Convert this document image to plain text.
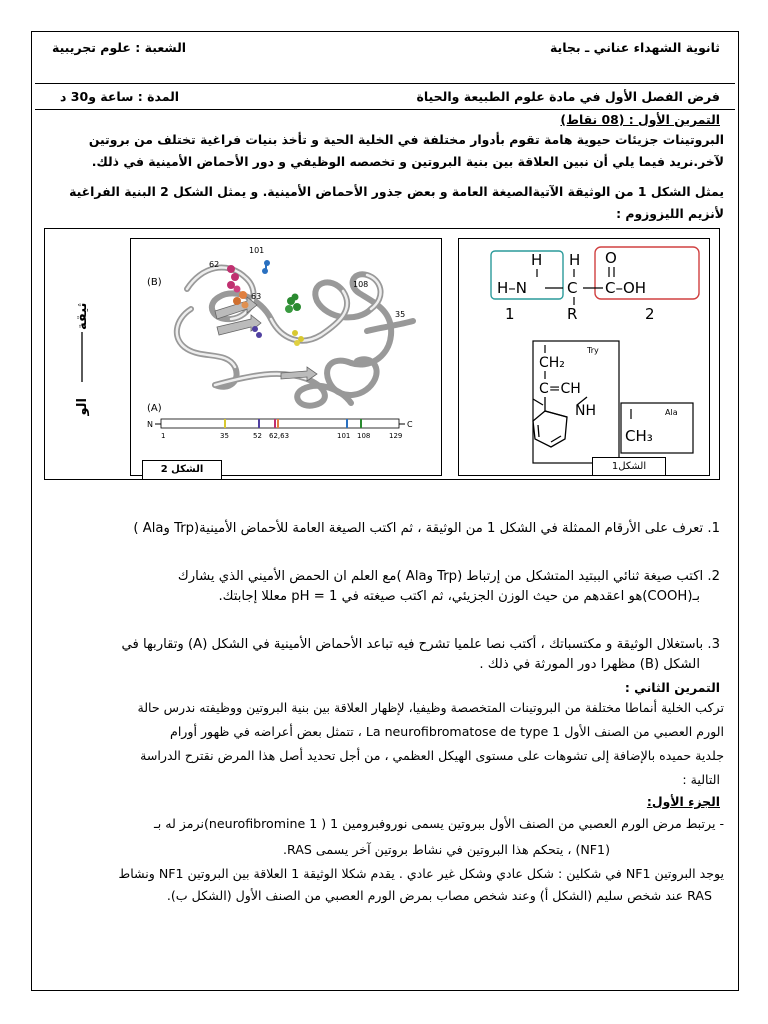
ثانوية الشهداء عناني ـ بجاية
الشعبة : علوم تجريبية
فرض الفصل الأول في مادة علوم الطبيعة والحياة
المدة : ساعة و30 د
التمرين الأول : (08 نقاط)
البروتينات جزيئات حيوية هامة تقوم بأدوار مختلفة في الخلية الحية و تأخذ بنيات فراغية تختلف من بروتين
لآخر.نريد فيما يلي أن نبين العلاقة بين بنية البروتين و تخصصه الوظيفي و دور الأحماض الأمينية في ذلك.
يمثل الشكل 1 من الوثيقة الآتيةالصيغة العامة و بعض جذور الأحماض الأمينية. و يمثل الشكل 2 البنية الفراغية
لأنزيم الليزوزوم :
الو
ثيقة
(B)
101
62
108
63
35
(A)
N	C
1	35	52 62,63	101 108	129
الشكل 2
H
H–N
H
C
O
C–OH
R
1	2
Try
CH₂
C=CH
NH	Ala
CH₃
الشكل1
1. تعرف على الأرقام الممثلة في الشكل 1 من الوثيقة ، ثم اكتب الصيغة العامة للأحماض الأمينية(Trp وAla )
2. اكتب صيغة ثنائي الببتيد المتشكل من إرتباط (Trp وAla )مع العلم ان الحمض الأميني الذي يشارك
بـ(COOH)هو اعقدهم من حيث الوزن الجزيئي، ثم اكتب صيغته في pH = 1 معللا إجابتك.
3. باستغلال الوثيقة و مكتسباتك ، أكتب نصا علميا تشرح فيه تباعد الأحماض الأمينية في الشكل (A) وتقاربها في
الشكل (B) مظهرا دور المورثة في ذلك .
التمرين الثاني :
تركب الخلية أنماطا مختلفة من البروتينات المتخصصة وظيفيا، لإظهار العلاقة بين بنية البروتين ووظيفته ندرس حالة
الورم العصبي من الصنف الأول La neurofibromatose de type 1 ، تتمثل بعض أعراضه في ظهور أورام
جلدية حميده بالإضافة إلى تشوهات على مستوى الهيكل العظمي ، من أجل تحديد أصل هذا المرض نقترح الدراسة
التالية :
الجزء الأول:
- يرتبط مرض الورم العصبي من الصنف الأول ببروتين يسمى نوروفبرومين 1 ( neurofibromine 1)نرمز له بـ
(NF1) ، يتحكم هذا البروتين في نشاط بروتين آخر يسمى RAS.
يوجد البروتين NF1 في شكلين : شكل عادي وشكل غير عادي . يقدم شكلا الوثيقة 1 العلاقة بين البروتين NF1 ونشاط
RAS عند شخص سليم (الشكل أ) وعند شخص مصاب بمرض الورم العصبي من الصنف الأول (الشكل ب).
